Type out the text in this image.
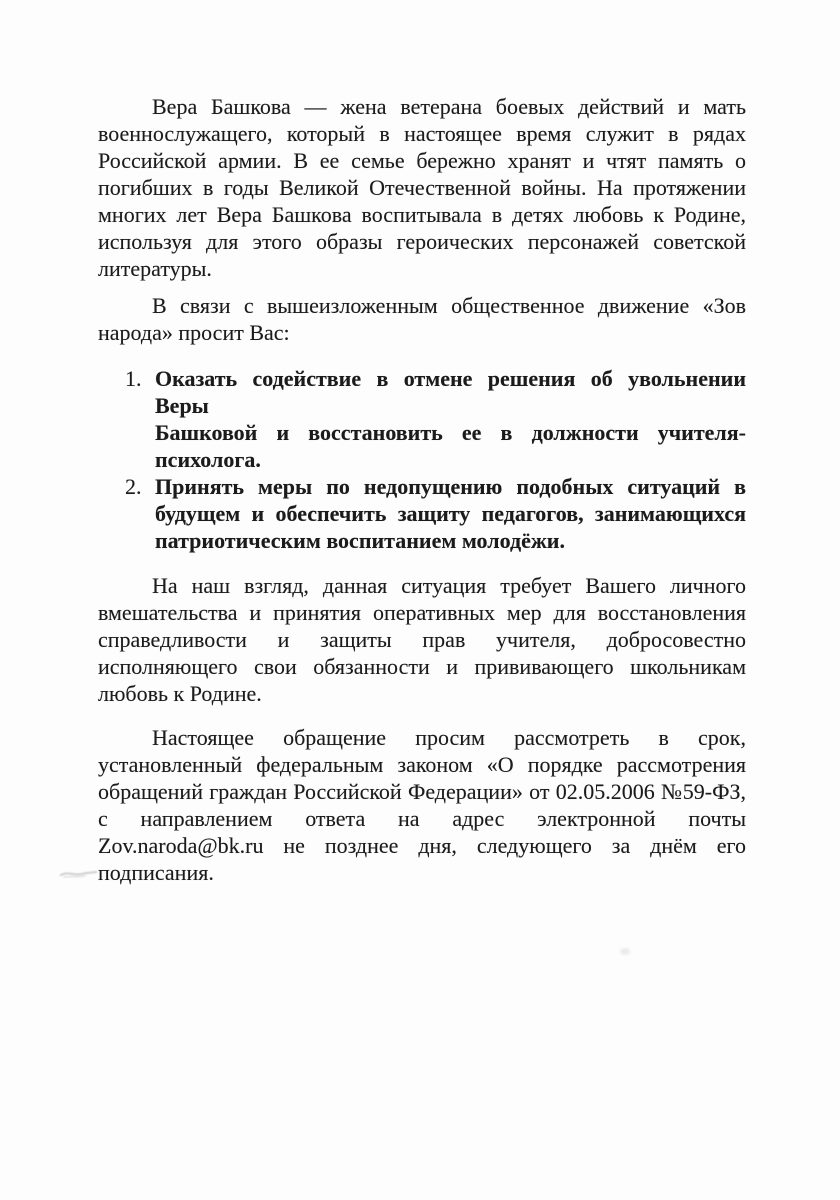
Вера Башкова — жена ветерана боевых действий и мать
военнослужащего, который в настоящее время служит в рядах
Российской армии. В ее семье бережно хранят и чтят память о
погибших в годы Великой Отечественной войны. На протяжении
многих лет Вера Башкова воспитывала в детях любовь к Родине,
используя для этого образы героических персонажей советской
литературы.
В связи с вышеизложенным общественное движение «Зов
народа» просит Вас:
1. Оказать содействие в отмене решения об увольнении Веры
Башковой и восстановить ее в должности учителя-
психолога.
2. Принять меры по недопущению подобных ситуаций в
будущем и обеспечить защиту педагогов, занимающихся
патриотическим воспитанием молодёжи.
На наш взгляд, данная ситуация требует Вашего личного
вмешательства и принятия оперативных мер для восстановления
справедливости и защиты прав учителя, добросовестно
исполняющего свои обязанности и прививающего школьникам
любовь к Родине.
Настоящее обращение просим рассмотреть в срок,
установленный федеральным законом «О порядке рассмотрения
обращений граждан Российской Федерации» от 02.05.2006 №59-ФЗ,
с направлением ответа на адрес электронной почты
Zov.naroda@bk.ru не позднее дня, следующего за днём его
подписания.
